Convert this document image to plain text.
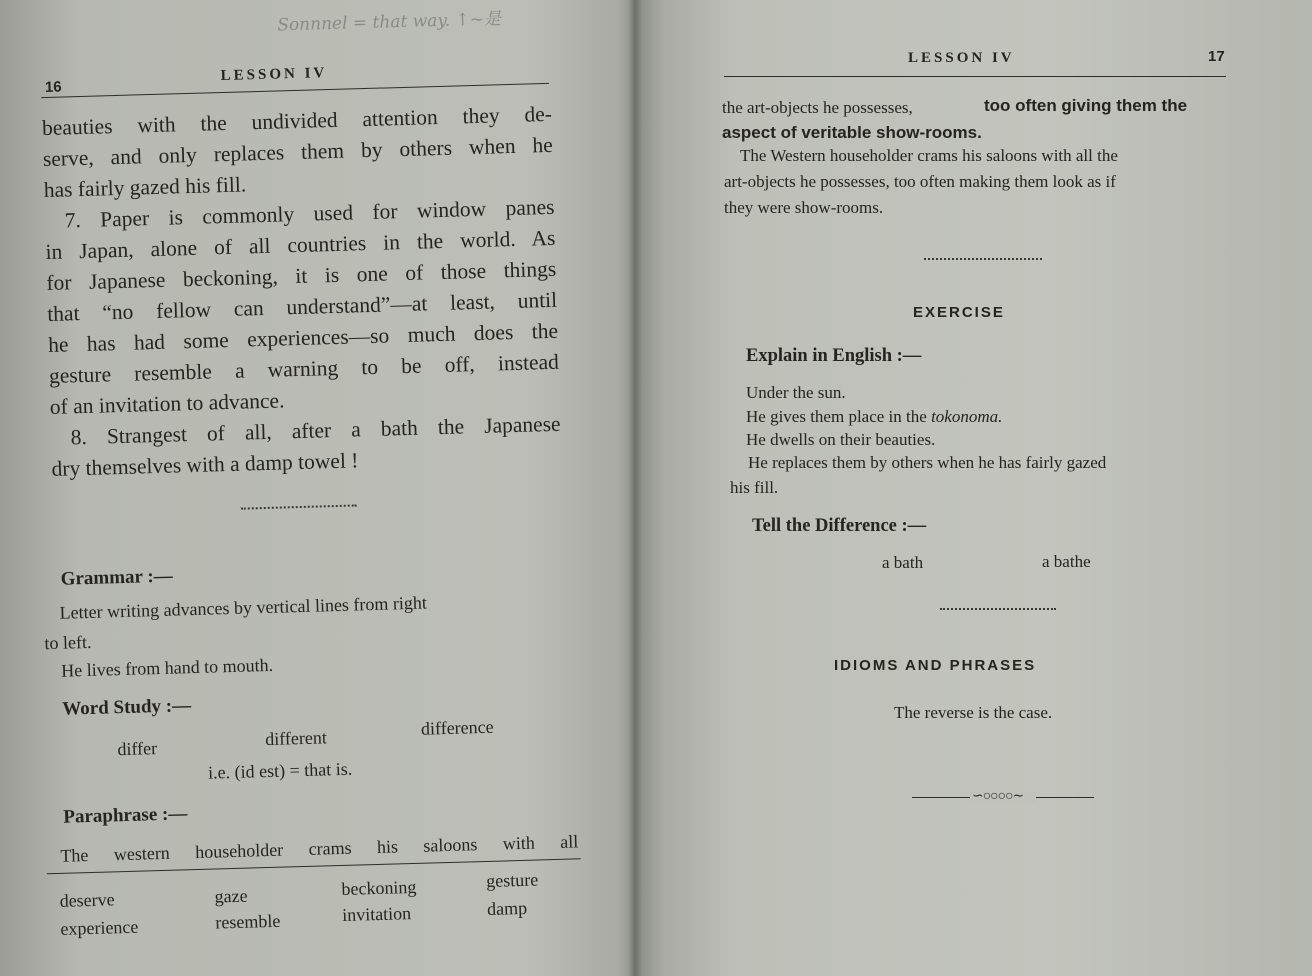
Sonnnel = that way. ↑∼是
16
LESSON IV
beauties with the undivided attention they de-
serve, and only replaces them by others when he
has fairly gazed his fill.
7. Paper is commonly used for window panes
in Japan, alone of all countries in the world. As
for Japanese beckoning, it is one of those things
that “no fellow can understand”—at least, until
he has had some experiences—so much does the
gesture resemble a warning to be off, instead
of an invitation to advance.
8. Strangest of all, after a bath the Japanese
dry themselves with a damp towel !
Grammar :—
Letter writing advances by vertical lines from right
to left.
He lives from hand to mouth.
Word Study :—
differ	different	difference
i.e. (id est) = that is.
Paraphrase :—
The western householder crams his saloons with all
deserve	gaze	beckoning	gesture
experience	resemble	invitation	damp
LESSON IV	17
the art-objects he possesses,	too often giving them the
aspect of veritable show-rooms.
The Western householder crams his saloons with all the
art-objects he possesses, too often making them look as if
they were show-rooms.
EXERCISE
Explain in English :—
Under the sun.
He gives them place in the tokonoma.
He dwells on their beauties.
He replaces them by others when he has fairly gazed
his fill.
Tell the Difference :—
a bath	a bathe
IDIOMS AND PHRASES
The reverse is the case.
∽○○○○∼
